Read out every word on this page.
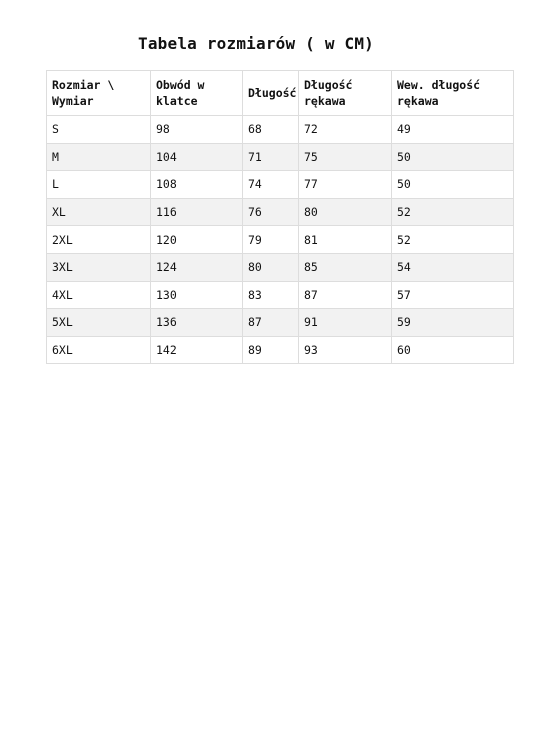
Tabela rozmiarów ( w CM)
Rozmiar \ Wymiar	Obwód w klatce	Długość	Długość rękawa	Wew. długość rękawa
S	98	68	72	49
M	104	71	75	50
L	108	74	77	50
XL	116	76	80	52
2XL	120	79	81	52
3XL	124	80	85	54
4XL	130	83	87	57
5XL	136	87	91	59
6XL	142	89	93	60
